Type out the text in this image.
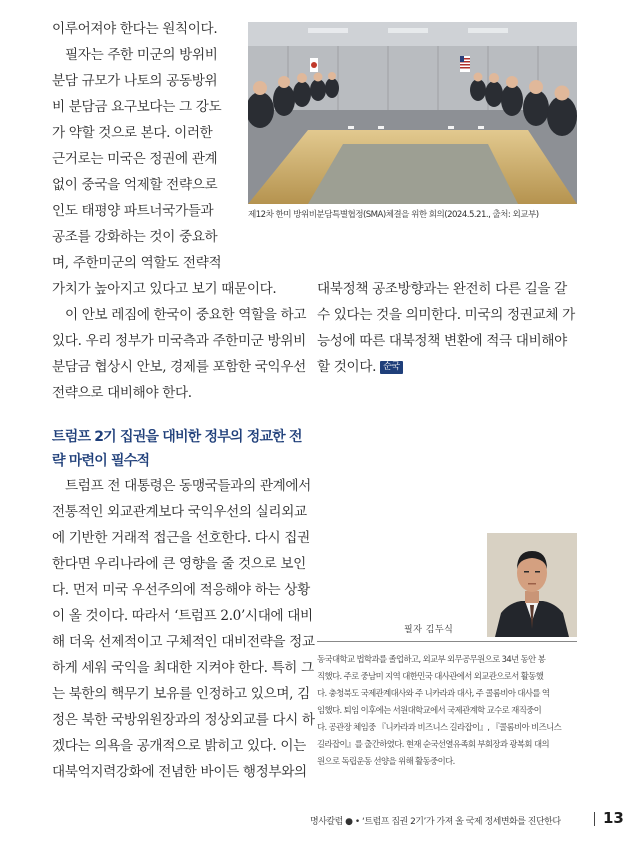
제12차 한미 방위비분담특별협정(SMA)체결을 위한 회의(2024.5.21., 출처: 외교부)
이루어져야 한다는 원칙이다.
필자는 주한 미군의 방위비
분담 규모가 나토의 공동방위
비 분담금 요구보다는 그 강도
가 약할 것으로 본다. 이러한
근거로는 미국은 정권에 관계
없이 중국을 억제할 전략으로
인도 태평양 파트너국가들과
공조를 강화하는 것이 중요하
며, 주한미군의 역할도 전략적
가치가 높아지고 있다고 보기 때문이다.
이 안보 레짐에 한국이 중요한 역할을 하고
있다. 우리 정부가 미국측과 주한미군 방위비
분담금 협상시 안보, 경제를 포함한 국익우선
전략으로 대비해야 한다.
트럼프 2기 집권을 대비한 정부의 정교한 전략 마련이 필수적
트럼프 전 대통령은 동맹국들과의 관계에서
전통적인 외교관계보다 국익우선의 실리외교
에 기반한 거래적 접근을 선호한다. 다시 집권
한다면 우리나라에 큰 영향을 줄 것으로 보인
다. 먼저 미국 우선주의에 적응해야 하는 상황
이 올 것이다. 따라서 ‘트럼프 2.0’시대에 대비
해 더욱 선제적이고 구체적인 대비전략을 정교
하게 세워 국익을 최대한 지켜야 한다. 특히 그
는 북한의 핵무기 보유를 인정하고 있으며, 김
정은 북한 국방위원장과의 정상외교를 다시 하
겠다는 의욕을 공개적으로 밝히고 있다. 이는
대북억지력강화에 전념한 바이든 행정부와의
대북정책 공조방향과는 완전히 다른 길을 갈
수 있다는 것을 의미한다. 미국의 정권교체 가
능성에 따른 대북정책 변환에 적극 대비해야
할 것이다. 순국
필자 김두식
동국대학교 법학과를 졸업하고, 외교부 외무공무원으로 34년 동안 봉
직했다. 주로 중남미 지역 대한민국 대사관에서 외교관으로서 활동했
다. 충청북도 국제관계대사와 주 니카라과 대사, 주 콜롬비아 대사를 역
임했다. 퇴임 이후에는 서원대학교에서 국제관계학 교수로 재직중이
다. 공관장 체임중 『니카라과 비즈니스 길라잡이』, 『콜롬비아 비즈니스
길라잡이』를 출간하였다. 현재 순국선열유족회 부회장과 광복회 대의
원으로 독립운동 선양을 위해 활동중이다.
명사칼럼 ● • ‘트럼프 집권 2기’가 가져 올 국제 정세변화를 진단한다	13
